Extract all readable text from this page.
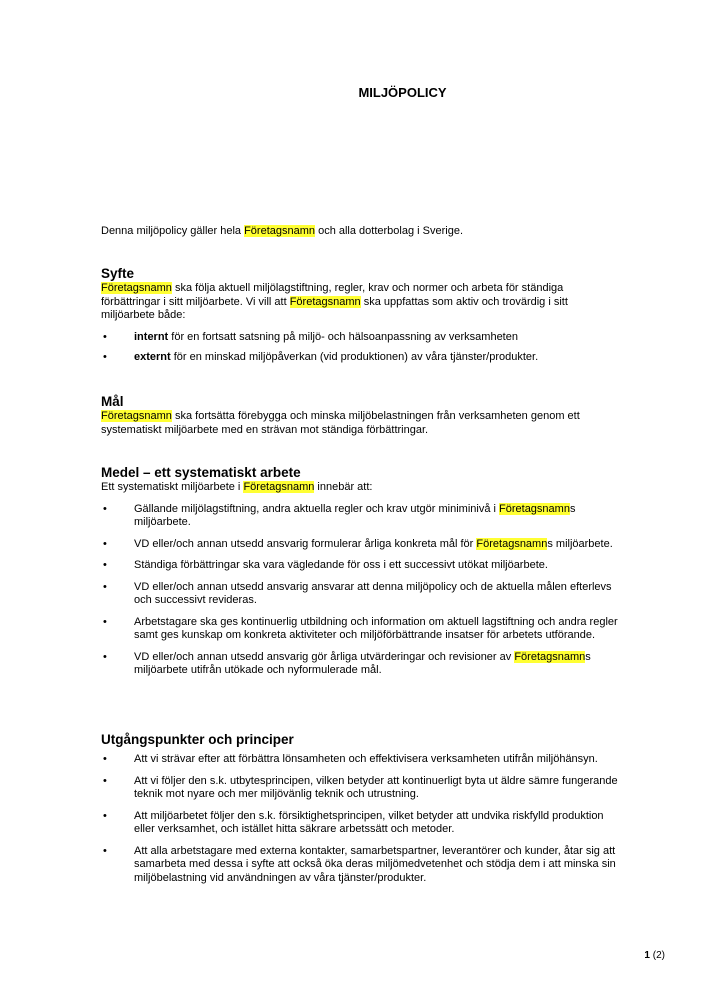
MILJÖPOLICY

Denna miljöpolicy gäller hela Företagsnamn och alla dotterbolag i Sverige.

Syfte

Företagsnamn ska följa aktuell miljölagstiftning, regler, krav och normer och arbeta för ständiga förbättringar i sitt miljöarbete. Vi vill att Företagsnamn ska uppfattas som aktiv och trovärdig i sitt miljöarbete både:

• internt för en fortsatt satsning på miljö- och hälsoanpassning av verksamheten
• externt för en minskad miljöpåverkan (vid produktionen) av våra tjänster/produkter.
Mål

Företagsnamn ska fortsätta förebygga och minska miljöbelastningen från verksamheten genom ett systematiskt miljöarbete med en strävan mot ständiga förbättringar.

Medel – ett systematiskt arbete

Ett systematiskt miljöarbete i Företagsnamn innebär att:

• Gällande miljölagstiftning, andra aktuella regler och krav utgör miniminivå i Företagsnamns miljöarbete.
• VD eller/och annan utsedd ansvarig formulerar årliga konkreta mål för Företagsnamns miljöarbete.
• Ständiga förbättringar ska vara vägledande för oss i ett successivt utökat miljöarbete.
• VD eller/och annan utsedd ansvarig ansvarar att denna miljöpolicy och de aktuella målen efterlevs och successivt revideras.
• Arbetstagare ska ges kontinuerlig utbildning och information om aktuell lagstiftning och andra regler samt ges kunskap om konkreta aktiviteter och miljöförbättrande insatser för arbetets utförande.
• VD eller/och annan utsedd ansvarig gör årliga utvärderingar och revisioner av Företagsnamns miljöarbete utifrån utökade och nyformulerade mål.
Utgångspunkter och principer
• Att vi strävar efter att förbättra lönsamheten och effektivisera verksamheten utifrån miljöhänsyn.
• Att vi följer den s.k. utbytesprincipen, vilken betyder att kontinuerligt byta ut äldre sämre fungerande teknik mot nyare och mer miljövänlig teknik och utrustning.
• Att miljöarbetet följer den s.k. försiktighetsprincipen, vilket betyder att undvika riskfylld produktion eller verksamhet, och istället hitta säkrare arbetssätt och metoder.
• Att alla arbetstagare med externa kontakter, samarbetspartner, leverantörer och kunder, åtar sig att samarbeta med dessa i syfte att också öka deras miljömedvetenhet och stödja dem i att minska sin miljöbelastning vid användningen av våra tjänster/produkter.
1 (2)
